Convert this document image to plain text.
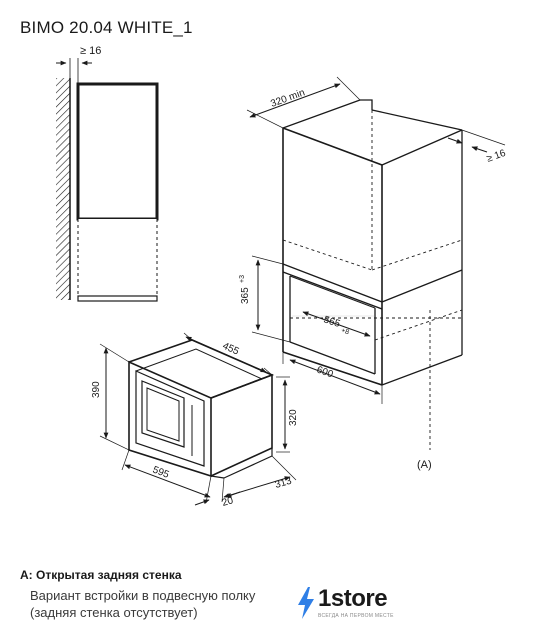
BIMO 20.04 WHITE_1
≥ 16
(A)
320 min
≥ 16
365
+3
565
+8
600
455
390
320
595
20
313
A: Открытая задняя стенка
Вариант встройки в подвесную полку
(задняя стенка отсутствует)
1store
ВСЕГДА НА ПЕРВОМ МЕСТЕ
